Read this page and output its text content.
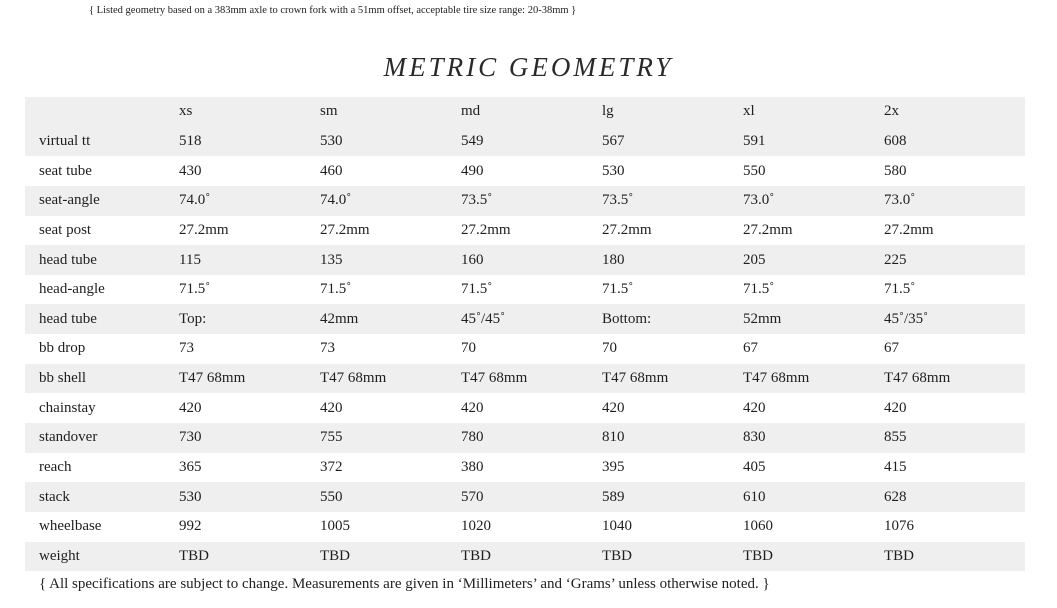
{ Listed geometry based on a 383mm axle to crown fork with a 51mm offset, acceptable tire size range: 20-38mm }
METRIC GEOMETRY
	xs	sm	md	lg	xl	2x
virtual tt	518	530	549	567	591	608
seat tube	430	460	490	530	550	580
seat-angle	74.0˚	74.0˚	73.5˚	73.5˚	73.0˚	73.0˚
seat post	27.2mm	27.2mm	27.2mm	27.2mm	27.2mm	27.2mm
head tube	115	135	160	180	205	225
head-angle	71.5˚	71.5˚	71.5˚	71.5˚	71.5˚	71.5˚
head tube	Top:	42mm	45˚/45˚	Bottom:	52mm	45˚/35˚
bb drop	73	73	70	70	67	67
bb shell	T47 68mm	T47 68mm	T47 68mm	T47 68mm	T47 68mm	T47 68mm
chainstay	420	420	420	420	420	420
standover	730	755	780	810	830	855
reach	365	372	380	395	405	415
stack	530	550	570	589	610	628
wheelbase	992	1005	1020	1040	1060	1076
weight	TBD	TBD	TBD	TBD	TBD	TBD
{ All specifications are subject to change. Measurements are given in ‘Millimeters’ and ‘Grams’ unless otherwise noted. }
